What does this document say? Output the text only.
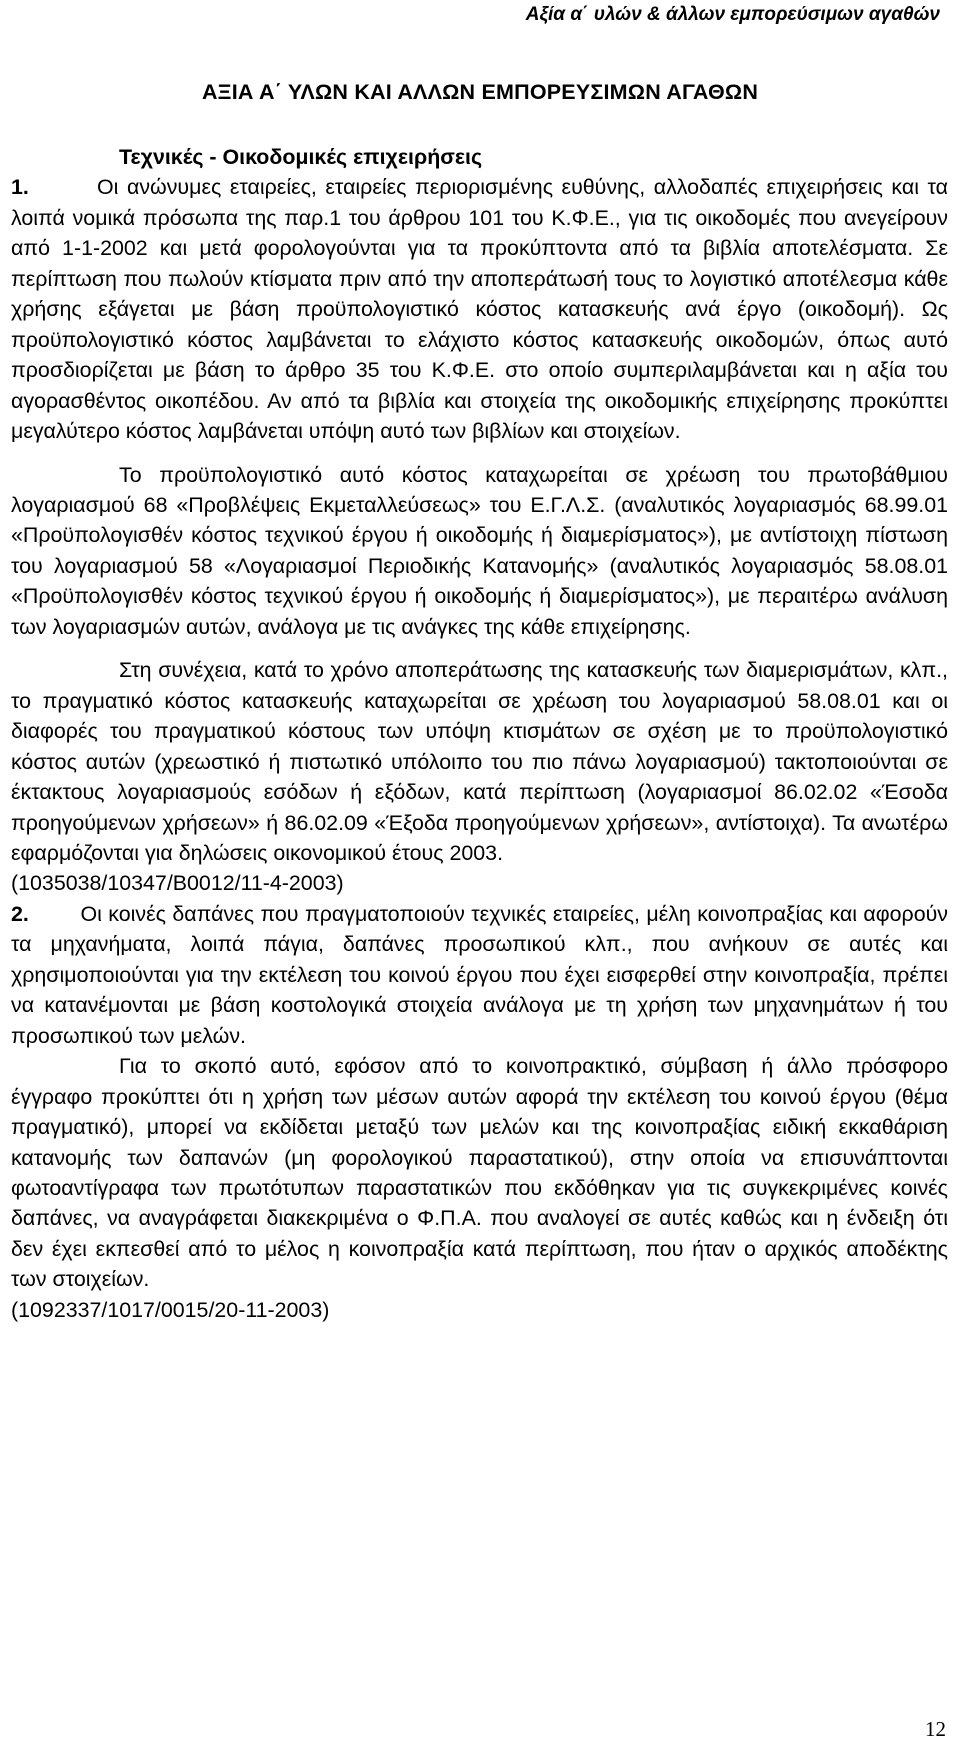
Αξία α΄ υλών & άλλων εμπορεύσιμων αγαθών
ΑΞΙΑ Α΄ ΥΛΩΝ ΚΑΙ ΑΛΛΩΝ ΕΜΠΟΡΕΥΣΙΜΩΝ ΑΓΑΘΩΝ

Τεχνικές - Οικοδομικές επιχειρήσεις

1.	Οι ανώνυμες εταιρείες, εταιρείες περιορισμένης ευθύνης, αλλοδαπές επιχειρήσεις και τα λοιπά νομικά πρόσωπα της παρ.1 του άρθρου 101 του Κ.Φ.Ε., για τις οικοδομές που ανεγείρουν από 1-1-2002 και μετά φορολογούνται για τα προκύπτοντα από τα βιβλία αποτελέσματα. Σε περίπτωση που πωλούν κτίσματα πριν από την αποπεράτωσή τους το λογιστικό αποτέλεσμα κάθε χρήσης εξάγεται με βάση προϋπολογιστικό κόστος κατασκευής ανά έργο (οικοδομή). Ως προϋπολογιστικό κόστος λαμβάνεται το ελάχιστο κόστος κατασκευής οικοδομών, όπως αυτό προσδιορίζεται με βάση το άρθρο 35 του Κ.Φ.Ε. στο οποίο συμπεριλαμβάνεται και η αξία του αγορασθέντος οικοπέδου. Αν από τα βιβλία και στοιχεία της οικοδομικής επιχείρησης προκύπτει μεγαλύτερο κόστος λαμβάνεται υπόψη αυτό των βιβλίων και στοιχείων.

Το προϋπολογιστικό αυτό κόστος καταχωρείται σε χρέωση του πρωτοβάθμιου λογαριασμού 68 «Προβλέψεις Εκμεταλλεύσεως» του Ε.Γ.Λ.Σ. (αναλυτικός λογαριασμός 68.99.01 «Προϋπολογισθέν κόστος τεχνικού έργου ή οικοδομής ή διαμερίσματος»), με αντίστοιχη πίστωση του λογαριασμού 58 «Λογαριασμοί Περιοδικής Κατανομής» (αναλυτικός λογαριασμός 58.08.01 «Προϋπολογισθέν κόστος τεχνικού έργου ή οικοδομής ή διαμερίσματος»), με περαιτέρω ανάλυση των λογαριασμών αυτών, ανάλογα με τις ανάγκες της κάθε επιχείρησης.

Στη συνέχεια, κατά το χρόνο αποπεράτωσης της κατασκευής των διαμερισμάτων, κλπ., το πραγματικό κόστος κατασκευής καταχωρείται σε χρέωση του λογαριασμού 58.08.01 και οι διαφορές του πραγματικού κόστους των υπόψη κτισμάτων σε σχέση με το προϋπολογιστικό κόστος αυτών (χρεωστικό ή πιστωτικό υπόλοιπο του πιο πάνω λογαριασμού) τακτοποιούνται σε έκτακτους λογαριασμούς εσόδων ή εξόδων, κατά περίπτωση (λογαριασμοί 86.02.02 «Έσοδα προηγούμενων χρήσεων» ή 86.02.09 «Έξοδα προηγούμενων χρήσεων», αντίστοιχα). Τα ανωτέρω εφαρμόζονται για δηλώσεις οικονομικού έτους 2003.

(1035038/10347/Β0012/11-4-2003)

2. Οι κοινές δαπάνες που πραγματοποιούν τεχνικές εταιρείες, μέλη κοινοπραξίας και αφορούν τα μηχανήματα, λοιπά πάγια, δαπάνες προσωπικού κλπ., που ανήκουν σε αυτές και χρησιμοποιούνται για την εκτέλεση του κοινού έργου που έχει εισφερθεί στην κοινοπραξία, πρέπει να κατανέμονται με βάση κοστολογικά στοιχεία ανάλογα με τη χρήση των μηχανημάτων ή του προσωπικού των μελών.

Για το σκοπό αυτό, εφόσον από το κοινοπρακτικό, σύμβαση ή άλλο πρόσφορο έγγραφο προκύπτει ότι η χρήση των μέσων αυτών αφορά την εκτέλεση του κοινού έργου (θέμα πραγματικό), μπορεί να εκδίδεται μεταξύ των μελών και της κοινοπραξίας ειδική εκκαθάριση κατανομής των δαπανών (μη φορολογικού παραστατικού), στην οποία να επισυνάπτονται φωτοαντίγραφα των πρωτότυπων παραστατικών που εκδόθηκαν για τις συγκεκριμένες κοινές δαπάνες, να αναγράφεται διακεκριμένα ο Φ.Π.Α. που αναλογεί σε αυτές καθώς και η ένδειξη ότι δεν έχει εκπεσθεί από το μέλος η κοινοπραξία κατά περίπτωση, που ήταν ο αρχικός αποδέκτης των στοιχείων.

(1092337/1017/0015/20-11-2003)

12
